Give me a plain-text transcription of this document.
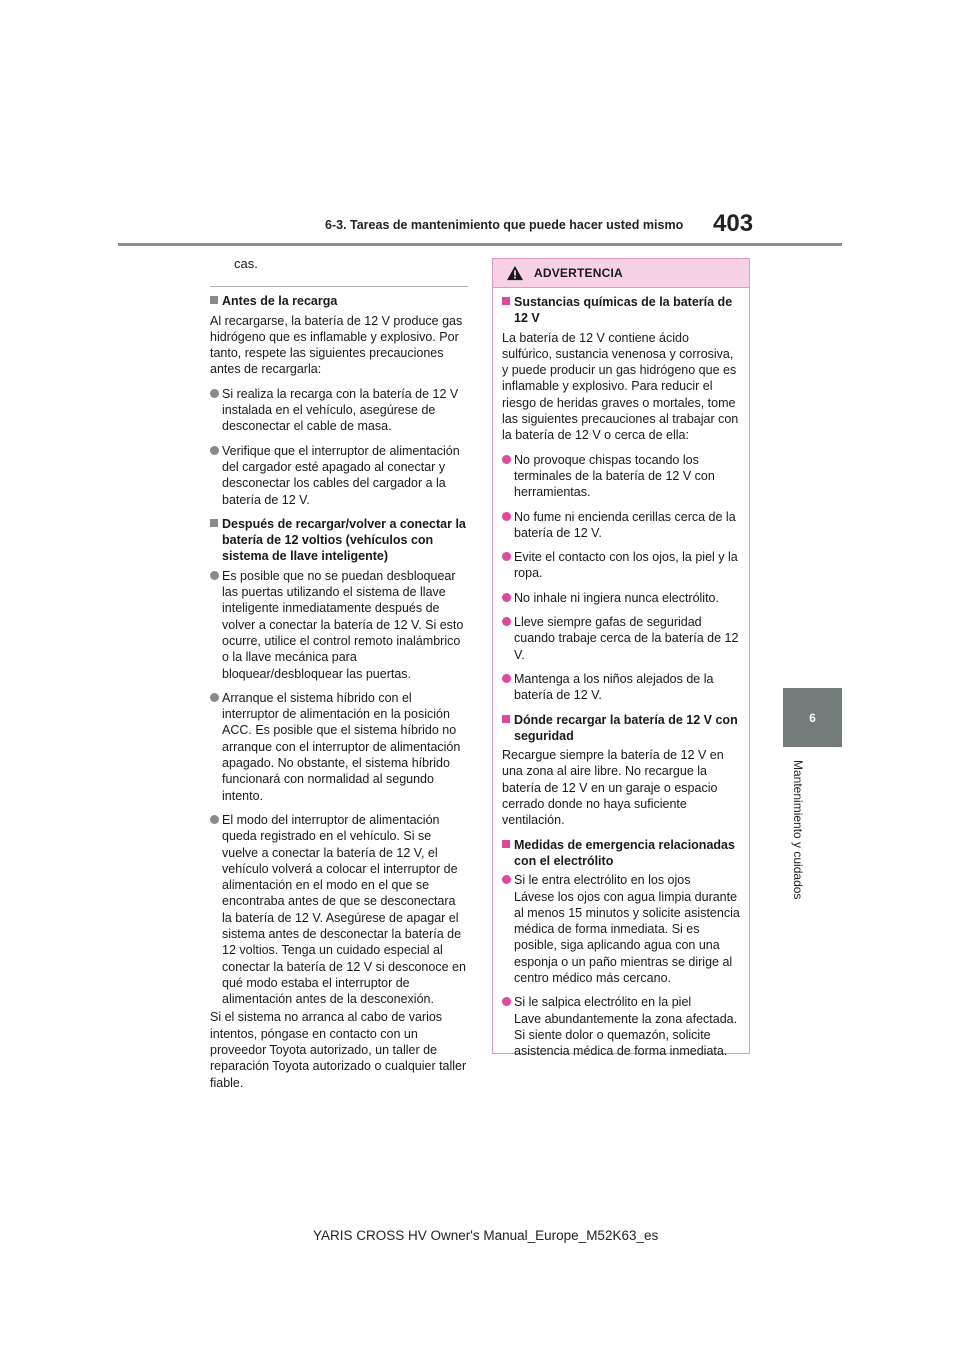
6-3. Tareas de mantenimiento que puede hacer usted mismo	403
6
Mantenimiento y cuidados
cas.
Antes de la recarga
Al recargarse, la batería de 12 V produce gas hidrógeno que es inflamable y explosivo. Por tanto, respete las siguientes precauciones antes de recargarla:
Si realiza la recarga con la batería de 12 V instalada en el vehículo, asegúrese de desconectar el cable de masa.
Verifique que el interruptor de alimentación del cargador esté apagado al conectar y desconectar los cables del cargador a la batería de 12 V.
Después de recargar/volver a conectar la batería de 12 voltios (vehículos con sistema de llave inteligente)
Es posible que no se puedan desbloquear las puertas utilizando el sistema de llave inteligente inmediatamente después de volver a conectar la batería de 12 V. Si esto ocurre, utilice el control remoto inalámbrico o la llave mecánica para bloquear/desbloquear las puertas.
Arranque el sistema híbrido con el interruptor de alimentación en la posición ACC. Es posible que el sistema híbrido no arranque con el interruptor de alimentación apagado. No obstante, el sistema híbrido funcionará con normalidad al segundo intento.
El modo del interruptor de alimentación queda registrado en el vehículo. Si se vuelve a conectar la batería de 12 V, el vehículo volverá a colocar el interruptor de alimentación en el modo en el que se encontraba antes de que se desconectara la batería de 12 V. Asegúrese de apagar el sistema antes de desconectar la batería de 12 voltios. Tenga un cuidado especial al conectar la batería de 12 V si desconoce en qué modo estaba el interruptor de alimentación antes de la desconexión.
Si el sistema no arranca al cabo de varios intentos, póngase en contacto con un proveedor Toyota autorizado, un taller de reparación Toyota autorizado o cualquier taller fiable.
ADVERTENCIA
Sustancias químicas de la batería de 12 V
La batería de 12 V contiene ácido sulfúrico, sustancia venenosa y corrosiva, y puede producir un gas hidrógeno que es inflamable y explosivo. Para reducir el riesgo de heridas graves o mortales, tome las siguientes precauciones al trabajar con la batería de 12 V o cerca de ella:
No provoque chispas tocando los terminales de la batería de 12 V con herramientas.
No fume ni encienda cerillas cerca de la batería de 12 V.
Evite el contacto con los ojos, la piel y la ropa.
No inhale ni ingiera nunca electrólito.
Lleve siempre gafas de seguridad cuando trabaje cerca de la batería de 12 V.
Mantenga a los niños alejados de la batería de 12 V.
Dónde recargar la batería de 12 V con seguridad
Recargue siempre la batería de 12 V en una zona al aire libre. No recargue la batería de 12 V en un garaje o espacio cerrado donde no haya suficiente ventilación.
Medidas de emergencia relacionadas con el electrólito
Si le entra electrólito en los ojos
Lávese los ojos con agua limpia durante al menos 15 minutos y solicite asistencia médica de forma inmediata. Si es posible, siga aplicando agua con una esponja o un paño mientras se dirige al centro médico más cercano.
Si le salpica electrólito en la piel
Lave abundantemente la zona afectada. Si siente dolor o quemazón, solicite asistencia médica de forma inmediata.
YARIS CROSS HV Owner's Manual_Europe_M52K63_es
